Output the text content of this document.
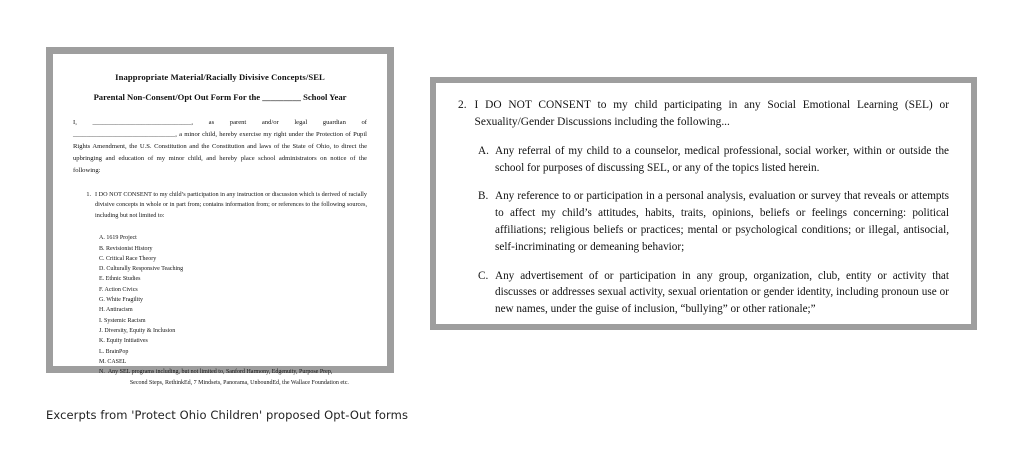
Inappropriate Material/Racially Divisive Concepts/SEL
Parental Non-Consent/Opt Out Form For the _________ School Year
I, ______________________________, as parent and/or legal guardian of _______________________________, a minor child, hereby exercise my right under the Protection of Pupil Rights Amendment, the U.S. Constitution and the Constitution and laws of the State of Ohio, to direct the upbringing and education of my minor child, and hereby place school administrators on notice of the following:
1. I DO NOT CONSENT to my child’s participation in any instruction or discussion which is derived of racially divisive concepts in whole or in part from; contains information from; or references to the following sources, including but not limited to:
A. 1619 Project
B. Revisionist History
C. Critical Race Theory
D. Culturally Responsive Teaching
E. Ethnic Studies
F. Action Civics
G. White Fragility
H. Antiracism
I. Systemic Racism
J. Diversity, Equity & Inclusion
K. Equity Initiatives
L. BrainPop
M. CASEL
N. Any SEL programs including, but not limited to, Sanford Harmony, Edgenuity, Purpose Prep,
Second Steps, RethinkEd, 7 Mindsets, Panorama, UnboundEd, the Wallace Foundation etc.
2. I DO NOT CONSENT to my child participating in any Social Emotional Learning (SEL) or Sexuality/Gender Discussions including the following...
A. Any referral of my child to a counselor, medical professional, social worker, within or outside the school for purposes of discussing SEL, or any of the topics listed herein.
B. Any reference to or participation in a personal analysis, evaluation or survey that reveals or attempts to affect my child’s attitudes, habits, traits, opinions, beliefs or feelings concerning: political affiliations; religious beliefs or practices; mental or psychological conditions; or illegal, antisocial, self-incriminating or demeaning behavior;
C. Any advertisement of or participation in any group, organization, club, entity or activity that discusses or addresses sexual activity, sexual orientation or gender identity, including pronoun use or new names, under the guise of inclusion, “bullying” or other rationale;”
Excerpts from 'Protect Ohio Children' proposed Opt-Out forms
